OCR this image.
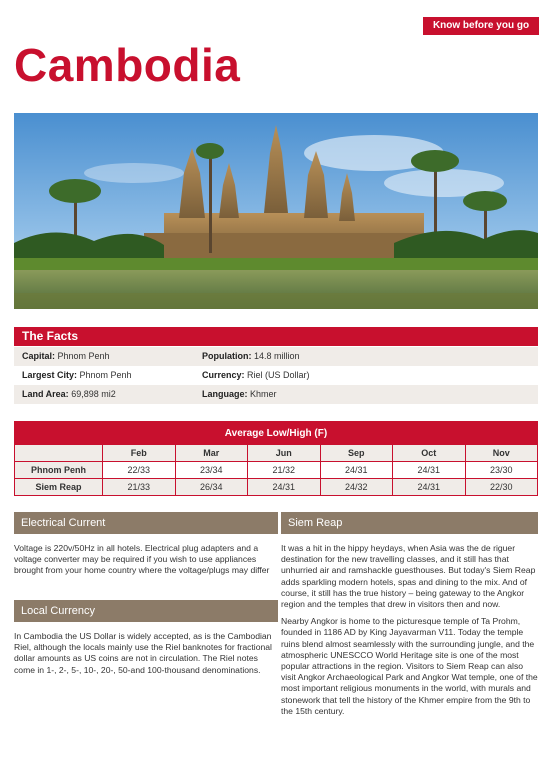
Know before you go
Cambodia
The Facts
Capital: Phnom Penh	Population: 14.8 million
Largest City: Phnom Penh	Currency: Riel (US Dollar)
Land Area: 69,898 mi2	Language: Khmer
Average Low/High (F)						
	Feb	Mar	Jun	Sep	Oct	Nov
Phnom Penh	22/33	23/34	21/32	24/31	24/31	23/30
Siem Reap	21/33	26/34	24/31	24/32	24/31	22/30
Electrical Current
Voltage is 220v/50Hz in all hotels. Electrical plug adapters and a voltage converter may be required if you wish to use appliances brought from your home country where the voltage/plugs may differ
Local Currency
In Cambodia the US Dollar is widely accepted, as is the Cambodian Riel, although the locals mainly use the Riel banknotes for fractional dollar amounts as US coins are not in circulation. The Riel notes come in 1-, 2-, 5-, 10-, 20-, 50-and 100-thousand denominations.
Siem Reap

It was a hit in the hippy heydays, when Asia was the de riguer destination for the new travelling classes, and it still has that unhurried air and ramshackle guesthouses. But today's Siem Reap adds sparkling modern hotels, spas and dining to the mix. And of course, it still has the true history – being gateway to the Angkor region and the temples that drew in visitors then and now.

Nearby Angkor is home to the picturesque temple of Ta Prohm, founded in 1186 AD by King Jayavarman V11. Today the temple ruins blend almost seamlessly with the surrounding jungle, and the atmospheric UNESCCO World Heritage site is one of the most popular attractions in the region. Visitors to Siem Reap can also visit Angkor Archaeological Park and Angkor Wat temple, one of the most important religious monuments in the world, with murals and stonework that tell the history of the Khmer empire from the 9th to the 15th century.
